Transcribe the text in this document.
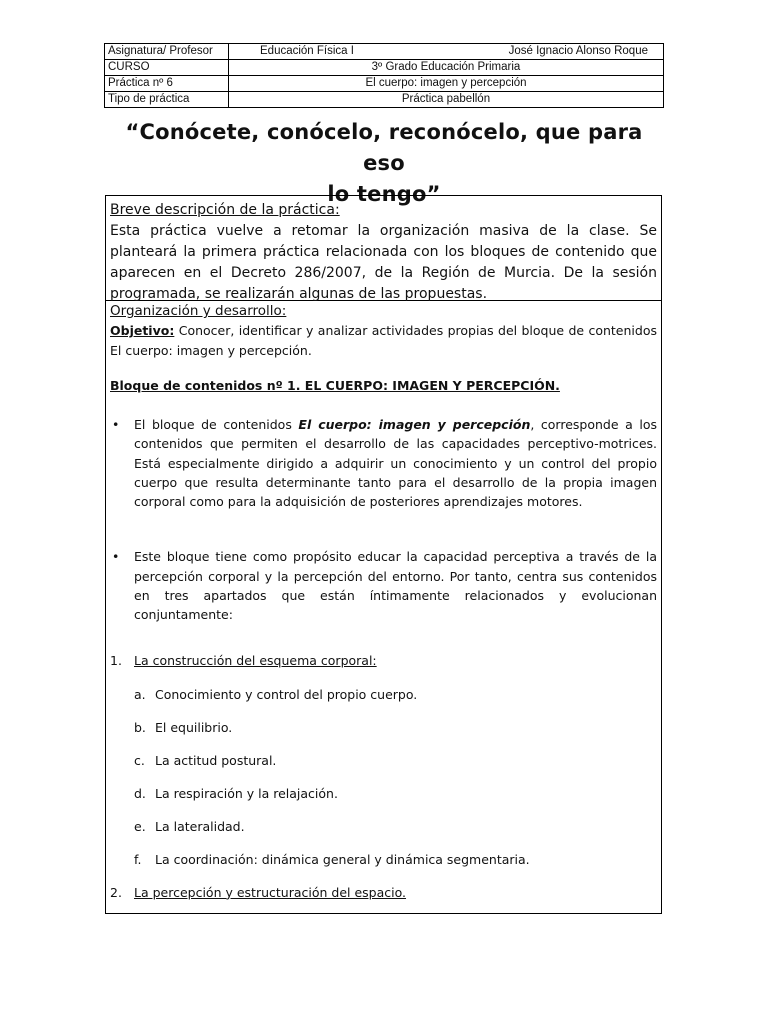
Asignatura/ Profesor	Educación Física I José Ignacio Alonso Roque

CURSO	3º Grado Educación Primaria
Práctica nº 6	El cuerpo: imagen y percepción
Tipo de práctica	Práctica pabellón
“Conócete, conócelo, reconócelo, que para eso
lo tengo”

Breve descripción de la práctica:

Esta práctica vuelve a retomar la organización masiva de la clase. Se planteará la primera práctica relacionada con los bloques de contenido que aparecen en el Decreto 286/2007, de la Región de Murcia. De la sesión programada, se realizarán algunas de las propuestas.

Organización y desarrollo:

Objetivo: Conocer, identificar y analizar actividades propias del bloque de contenidos El cuerpo: imagen y percepción.

Bloque de contenidos nº 1. EL CUERPO: IMAGEN Y PERCEPCIÓN.

• El bloque de contenidos El cuerpo: imagen y percepción, corresponde a los contenidos que permiten el desarrollo de las capacidades perceptivo-motrices. Está especialmente dirigido a adquirir un conocimiento y un control del propio cuerpo que resulta determinante tanto para el desarrollo de la propia imagen corporal como para la adquisición de posteriores aprendizajes motores.

• Este bloque tiene como propósito educar la capacidad perceptiva a través de la percepción corporal y la percepción del entorno. Por tanto, centra sus contenidos en tres apartados que están íntimamente relacionados y evolucionan conjuntamente:

1. La construcción del esquema corporal:

a. Conocimiento y control del propio cuerpo.

b. El equilibrio.

c. La actitud postural.

d. La respiración y la relajación.

e. La lateralidad.

f. La coordinación: dinámica general y dinámica segmentaria.

2. La percepción y estructuración del espacio.
